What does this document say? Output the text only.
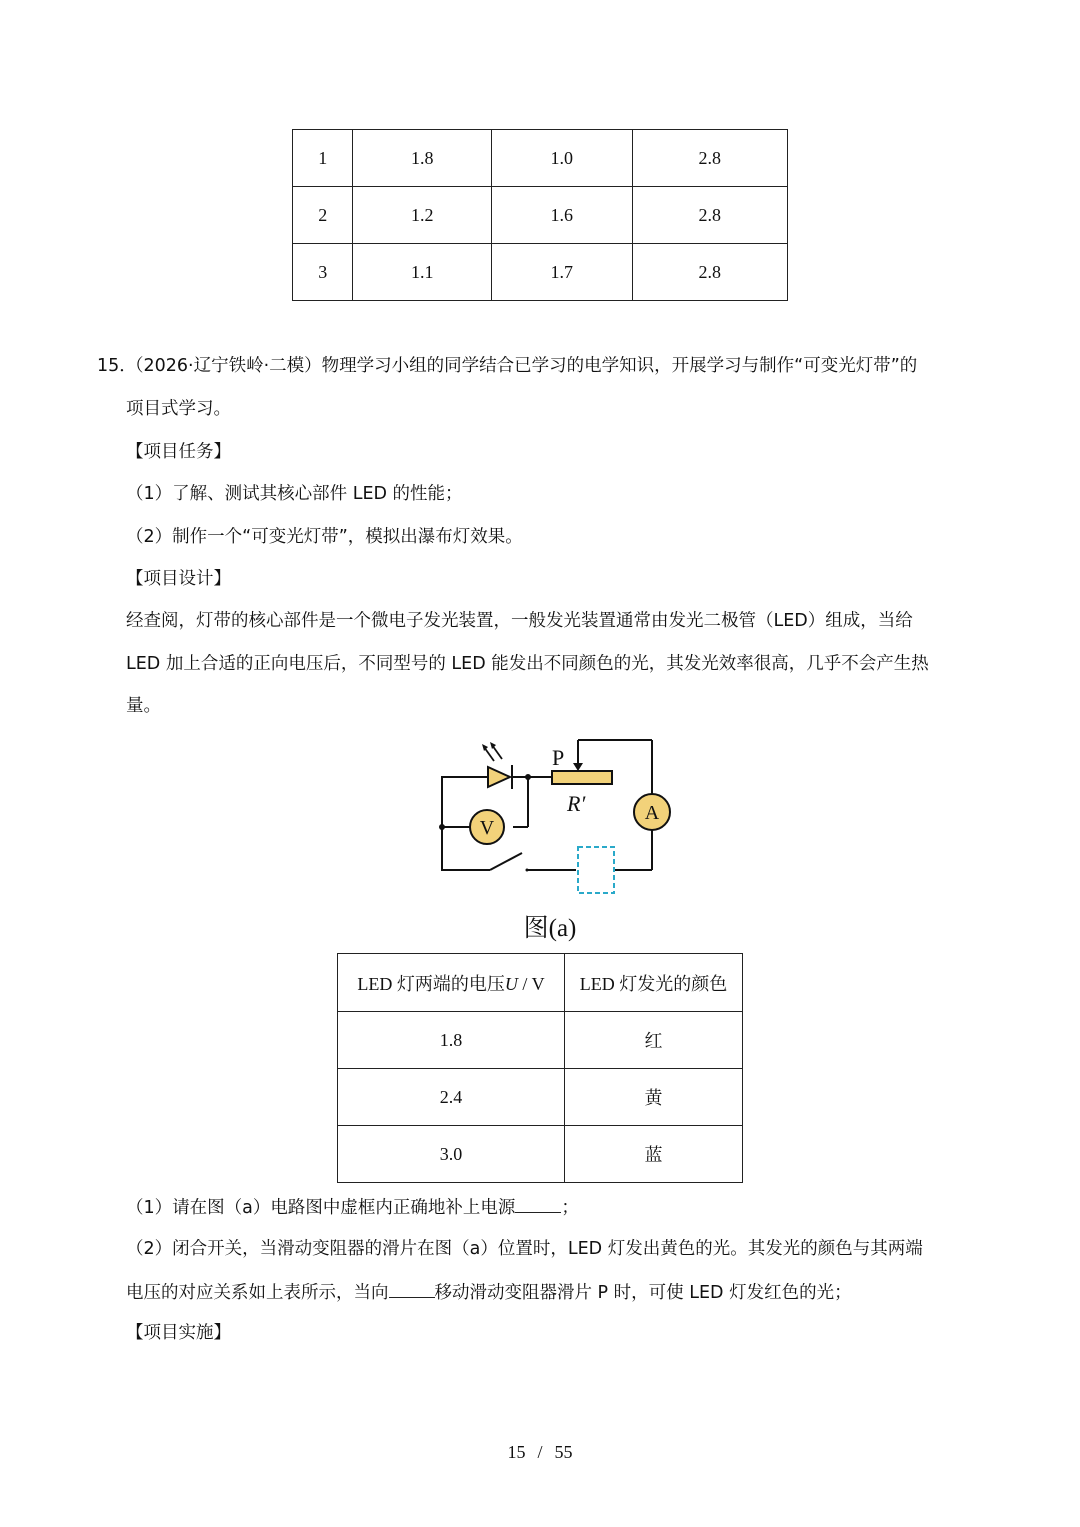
1	1.8	1.0	2.8
2	1.2	1.6	2.8
3	1.1	1.7	2.8
15．
（2026·辽宁铁岭·二模）物理学习小组的同学结合已学习的电学知识，开展学习与制作“可变光灯带”的
项目式学习。
【项目任务】
（1）了解、测试其核心部件 LED 的性能；
（2）制作一个“可变光灯带”，模拟出瀑布灯效果。
【项目设计】
经查阅，灯带的核心部件是一个微电子发光装置，一般发光装置通常由发光二极管（LED）组成，当给
LED 加上合适的正向电压后，不同型号的 LED 能发出不同颜色的光，其发光效率很高，几乎不会产生热
量。
V
A
P
R′
图(a)
LED 灯两端的电压U / V	LED 灯发光的颜色
1.8	红
2.4	黄
3.0	蓝
（1）请在图（a）电路图中虚框内正确地补上电源	；
（2）闭合开关，当滑动变阻器的滑片在图（a）位置时，LED 灯发出黄色的光。其发光的颜色与其两端
电压的对应关系如上表所示，当向	移动滑动变阻器滑片 P 时，可使 LED 灯发红色的光；
【项目实施】
15 / 55
